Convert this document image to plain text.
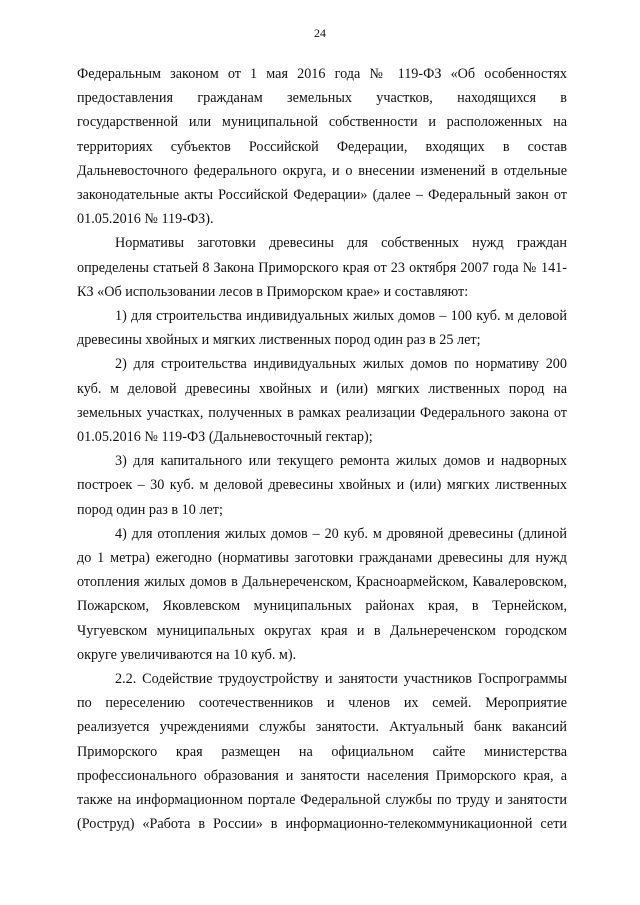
24

Федеральным законом от 1 мая 2016 года № 119-ФЗ «Об особенностях предоставления гражданам земельных участков, находящихся в государственной или муниципальной собственности и расположенных на территориях субъектов Российской Федерации, входящих в состав Дальневосточного федерального округа, и о внесении изменений в отдельные законодательные акты Российской Федерации» (далее – Федеральный закон от 01.05.2016 № 119-ФЗ).

Нормативы заготовки древесины для собственных нужд граждан определены статьей 8 Закона Приморского края от 23 октября 2007 года № 141-КЗ «Об использовании лесов в Приморском крае» и составляют:

1) для строительства индивидуальных жилых домов – 100 куб. м деловой древесины хвойных и мягких лиственных пород один раз в 25 лет;

2) для строительства индивидуальных жилых домов по нормативу 200 куб. м деловой древесины хвойных и (или) мягких лиственных пород на земельных участках, полученных в рамках реализации Федерального закона от 01.05.2016 № 119-ФЗ (Дальневосточный гектар);

3) для капитального или текущего ремонта жилых домов и надворных построек – 30 куб. м деловой древесины хвойных и (или) мягких лиственных пород один раз в 10 лет;

4) для отопления жилых домов – 20 куб. м дровяной древесины (длиной до 1 метра) ежегодно (нормативы заготовки гражданами древесины для нужд отопления жилых домов в Дальнереченском, Красноармейском, Кавалеровском, Пожарском, Яковлевском муниципальных районах края, в Тернейском, Чугуевском муниципальных округах края и в Дальнереченском городском округе увеличиваются на 10 куб. м).

2.2. Содействие трудоустройству и занятости участников Госпрограммы по переселению соотечественников и членов их семей. Мероприятие реализуется учреждениями службы занятости. Актуальный банк вакансий Приморского края размещен на официальном сайте министерства профессионального образования и занятости населения Приморского края, а также на информационном портале Федеральной службы по труду и занятости (Роструд) «Работа в России» в информационно-телекоммуникационной сети
